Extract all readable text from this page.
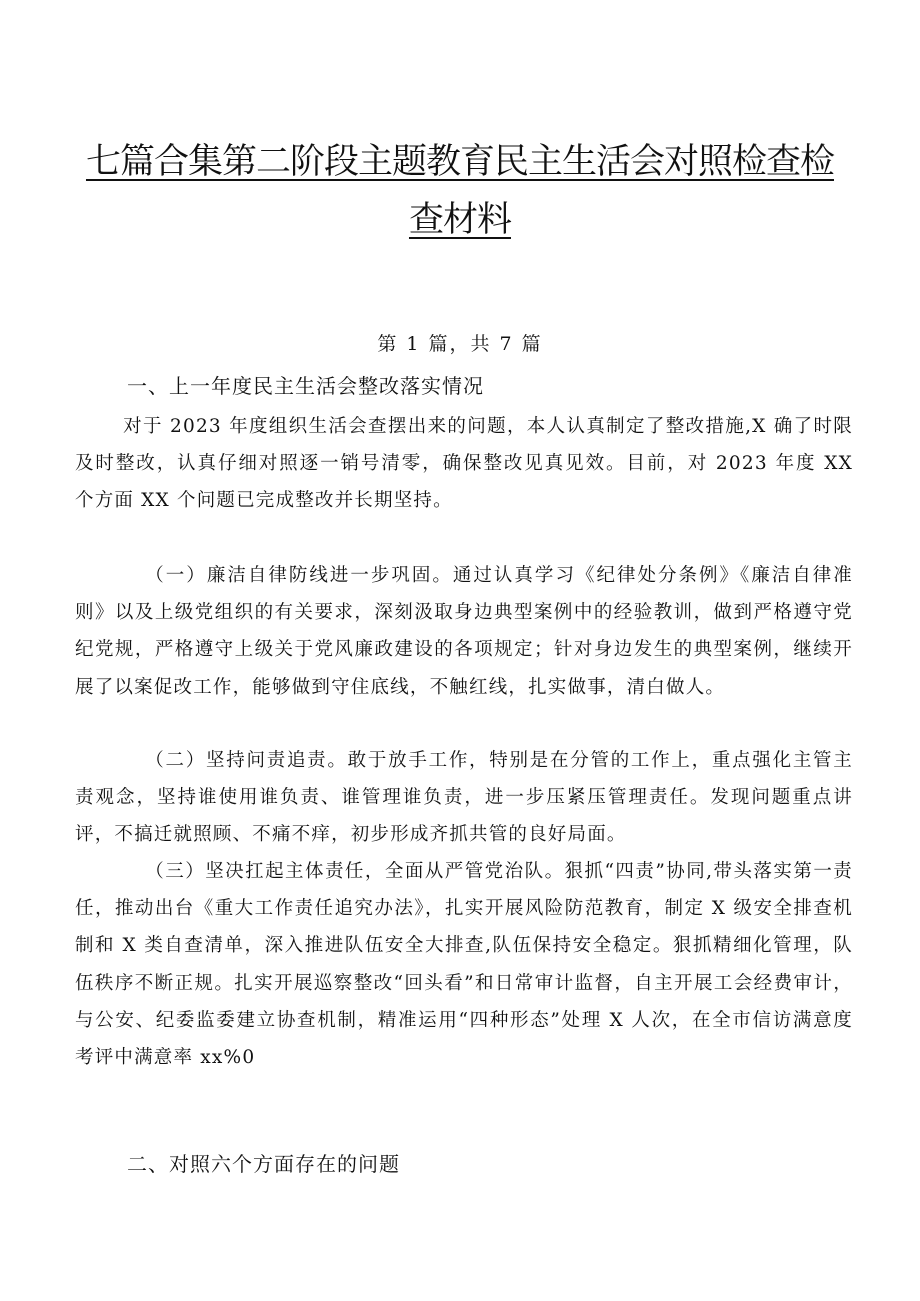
七篇合集第二阶段主题教育民主生活会对照检查检
查材料
第 1 篇，共 7 篇
一、上一年度民主生活会整改落实情况

对于 2023 年度组织生活会查摆出来的问题，本人认真制定了整改措施,X 确了时限及时整改，认真仔细对照逐一销号清零，确保整改见真见效。目前，对 2023 年度 XX 个方面 XX 个问题已完成整改并长期坚持。

（一）廉洁自律防线进一步巩固。通过认真学习《纪律处分条例》《廉洁自律准则》以及上级党组织的有关要求，深刻汲取身边典型案例中的经验教训，做到严格遵守党纪党规，严格遵守上级关于党风廉政建设的各项规定；针对身边发生的典型案例，继续开展了以案促改工作，能够做到守住底线，不触红线，扎实做事，清白做人。

（二）坚持问责追责。敢于放手工作，特别是在分管的工作上，重点强化主管主责观念，坚持谁使用谁负责、谁管理谁负责，进一步压紧压管理责任。发现问题重点讲评，不搞迁就照顾、不痛不痒，初步形成齐抓共管的良好局面。

（三）坚决扛起主体责任，全面从严管党治队。狠抓“四责”协同,带头落实第一责任，推动出台《重大工作责任追究办法》，扎实开展风险防范教育，制定 X 级安全排查机制和 X 类自查清单，深入推进队伍安全大排查,队伍保持安全稳定。狠抓精细化管理，队伍秩序不断正规。扎实开展巡察整改“回头看”和日常审计监督，自主开展工会经费审计，与公安、纪委监委建立协查机制，精准运用“四种形态”处理 X 人次，在全市信访满意度考评中满意率 xx%0

二、对照六个方面存在的问题
